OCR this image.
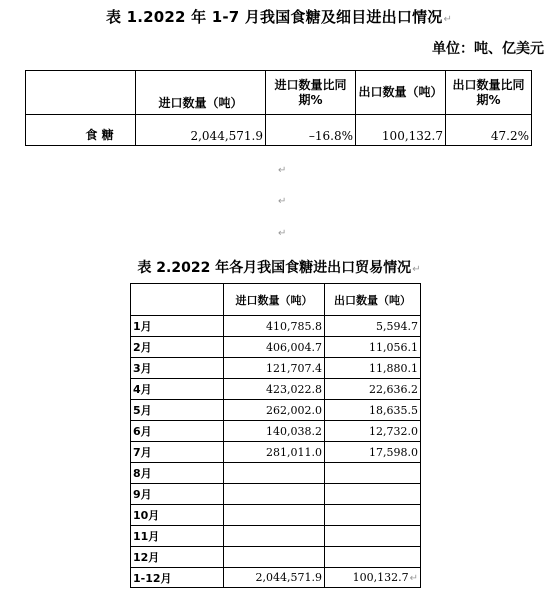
表 1.2022 年 1-7 月我国食糖及细目进出口情况↵
单位：吨、亿美元
	进口数量（吨）	进口数量比同期%	出口数量（吨）	出口数量比同期%
食 糖	2,044,571.9	–16.8%	100,132.7	47.2%
↵
↵
↵
表 2.2022 年各月我国食糖进出口贸易情况↵
	进口数量（吨）	出口数量（吨）
1月	410,785.8	5,594.7
2月	406,004.7	11,056.1
3月	121,707.4	11,880.1
4月	423,022.8	22,636.2
5月	262,002.0	18,635.5
6月	140,038.2	12,732.0
7月	281,011.0	17,598.0
8月		
9月		
10月		
11月		
12月		
1-12月	2,044,571.9	100,132.7↵
